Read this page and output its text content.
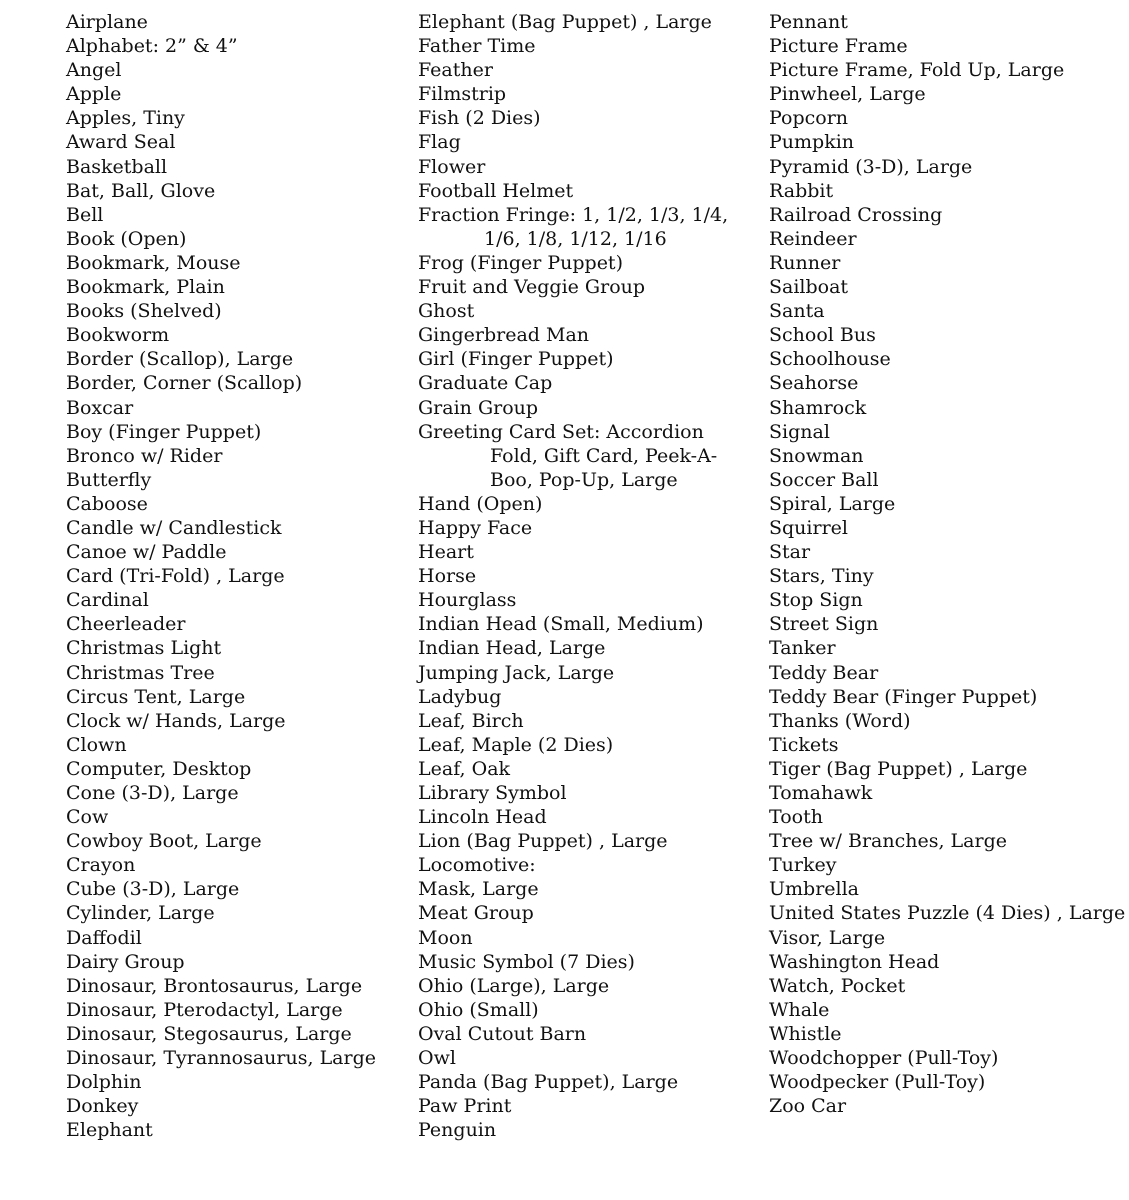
Airplane
Alphabet: 2” & 4”
Angel
Apple
Apples, Tiny
Award Seal
Basketball
Bat, Ball, Glove
Bell
Book (Open)
Bookmark, Mouse
Bookmark, Plain
Books (Shelved)
Bookworm
Border (Scallop), Large
Border, Corner (Scallop)
Boxcar
Boy (Finger Puppet)
Bronco w/ Rider
Butterfly
Caboose
Candle w/ Candlestick
Canoe w/ Paddle
Card (Tri-Fold) , Large
Cardinal
Cheerleader
Christmas Light
Christmas Tree
Circus Tent, Large
Clock w/ Hands, Large
Clown
Computer, Desktop
Cone (3-D), Large
Cow
Cowboy Boot, Large
Crayon
Cube (3-D), Large
Cylinder, Large
Daffodil
Dairy Group
Dinosaur, Brontosaurus, Large
Dinosaur, Pterodactyl, Large
Dinosaur, Stegosaurus, Large
Dinosaur, Tyrannosaurus, Large
Dolphin
Donkey
Elephant
Elephant (Bag Puppet) , Large
Father Time
Feather
Filmstrip
Fish (2 Dies)
Flag
Flower
Football Helmet
Fraction Fringe: 1, 1/2, 1/3, 1/4,
1/6, 1/8, 1/12, 1/16
Frog (Finger Puppet)
Fruit and Veggie Group
Ghost
Gingerbread Man
Girl (Finger Puppet)
Graduate Cap
Grain Group
Greeting Card Set: Accordion
Fold, Gift Card, Peek-A-
Boo, Pop-Up, Large
Hand (Open)
Happy Face
Heart
Horse
Hourglass
Indian Head (Small, Medium)
Indian Head, Large
Jumping Jack, Large
Ladybug
Leaf, Birch
Leaf, Maple (2 Dies)
Leaf, Oak
Library Symbol
Lincoln Head
Lion (Bag Puppet) , Large
Locomotive:
Mask, Large
Meat Group
Moon
Music Symbol (7 Dies)
Ohio (Large), Large
Ohio (Small)
Oval Cutout Barn
Owl
Panda (Bag Puppet), Large
Paw Print
Penguin
Pennant
Picture Frame
Picture Frame, Fold Up, Large
Pinwheel, Large
Popcorn
Pumpkin
Pyramid (3-D), Large
Rabbit
Railroad Crossing
Reindeer
Runner
Sailboat
Santa
School Bus
Schoolhouse
Seahorse
Shamrock
Signal
Snowman
Soccer Ball
Spiral, Large
Squirrel
Star
Stars, Tiny
Stop Sign
Street Sign
Tanker
Teddy Bear
Teddy Bear (Finger Puppet)
Thanks (Word)
Tickets
Tiger (Bag Puppet) , Large
Tomahawk
Tooth
Tree w/ Branches, Large
Turkey
Umbrella
United States Puzzle (4 Dies) , Large
Visor, Large
Washington Head
Watch, Pocket
Whale
Whistle
Woodchopper (Pull-Toy)
Woodpecker (Pull-Toy)
Zoo Car
